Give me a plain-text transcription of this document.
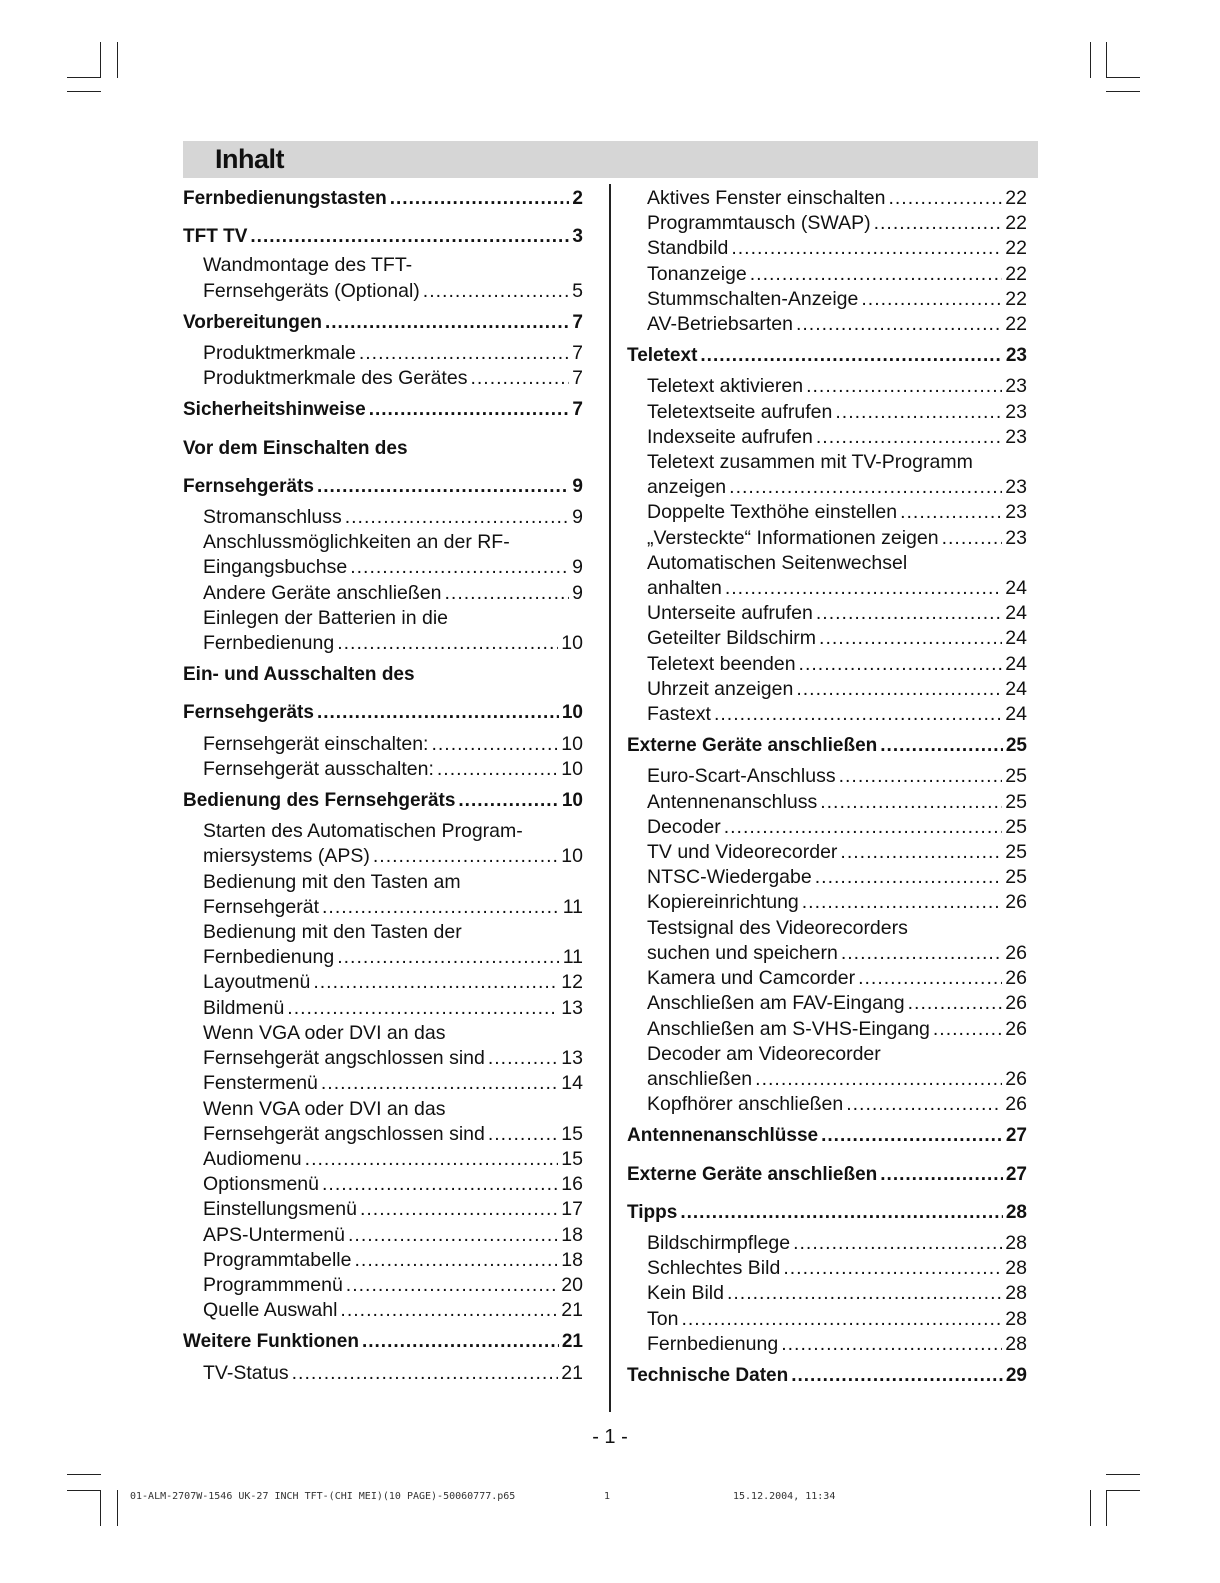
Inhalt
Fernbedienungstasten .....	2
TFT TV .....	3
Wandmontage des TFT-
Fernsehgeräts (Optional) .....	5
Vorbereitungen .....	7
Produktmerkmale .....	7
Produktmerkmale des Gerätes .....	7
Sicherheitshinweise .....	7
Vor dem Einschalten des
Fernsehgeräts .....	9
Stromanschluss .....	9
Anschlussmöglichkeiten an der RF-
Eingangsbuchse .....	9
Andere Geräte anschließen .....	9
Einlegen der Batterien in die
Fernbedienung .....	10
Ein- und Ausschalten des
Fernsehgeräts .....	10
Fernsehgerät einschalten: .....	10
Fernsehgerät ausschalten: .....	10
Bedienung des Fernsehgeräts .....	10
Starten des Automatischen Program-
miersystems (APS) .....	10
Bedienung mit den Tasten am
Fernsehgerät .....	11
Bedienung mit den Tasten der
Fernbedienung .....	11
Layoutmenü .....	12
Bildmenü .....	13
Wenn VGA oder DVI an das
Fernsehgerät angschlossen sind .....	13
Fenstermenü .....	14
Wenn VGA oder DVI an das
Fernsehgerät angschlossen sind .....	15
Audiomenu .....	15
Optionsmenü .....	16
Einstellungsmenü .....	17
APS-Untermenü .....	18
Programmtabelle .....	18
Programmmenü .....	20
Quelle Auswahl .....	21
Weitere Funktionen .....	21
TV-Status .....	21
Aktives Fenster einschalten .....	22
Programmtausch (SWAP) .....	22
Standbild .....	22
Tonanzeige .....	22
Stummschalten-Anzeige .....	22
AV-Betriebsarten .....	22
Teletext .....	23
Teletext aktivieren .....	23
Teletextseite aufrufen .....	23
Indexseite aufrufen .....	23
Teletext zusammen mit TV-Programm
anzeigen .....	23
Doppelte Texthöhe einstellen .....	23
„Versteckte“ Informationen zeigen .....	23
Automatischen Seitenwechsel
anhalten .....	24
Unterseite aufrufen .....	24
Geteilter Bildschirm .....	24
Teletext beenden .....	24
Uhrzeit anzeigen .....	24
Fastext .....	24
Externe Geräte anschließen .....	25
Euro-Scart-Anschluss .....	25
Antennenanschluss .....	25
Decoder .....	25
TV und Videorecorder .....	25
NTSC-Wiedergabe .....	25
Kopiereinrichtung .....	26
Testsignal des Videorecorders
suchen und speichern .....	26
Kamera und Camcorder .....	26
Anschließen am FAV-Eingang .....	26
Anschließen am S-VHS-Eingang .....	26
Decoder am Videorecorder
anschließen .....	26
Kopfhörer anschließen .....	26
Antennenanschlüsse .....	27
Externe Geräte anschließen .....	27
Tipps .....	28
Bildschirmpflege .....	28
Schlechtes Bild .....	28
Kein Bild .....	28
Ton .....	28
Fernbedienung .....	28
Technische Daten .....	29
- 1 -
01-ALM-2707W-1546 UK-27 INCH TFT-(CHI MEI)(10 PAGE)-50060777.p65	1	15.12.2004, 11:34
